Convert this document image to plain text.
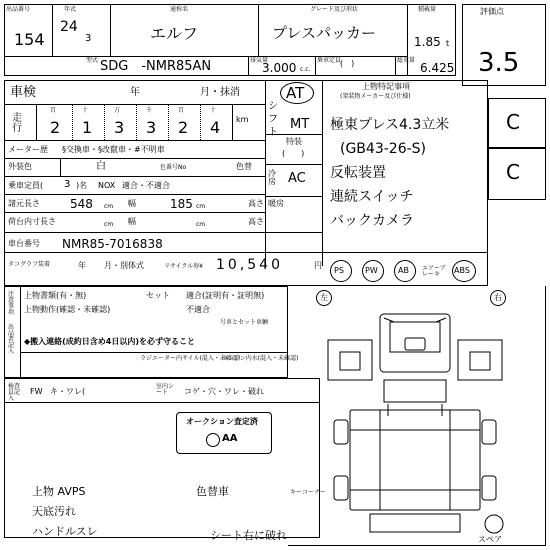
出品番号
154
年式
24
3
通称名
エルフ
グレード及び形状
プレスパッカー
積載量
1.85 t
型式 SDG　-NMR85AN	排気量
3.000 c.c.
乗車定員
(　)	総重量
6.425
評価点
3.5
車検	年	月・抹消
走行
km
百
2
十
1
万
3
千
3
百
2
十
4
メーター歴 §交換車・§改竄車・#不明車
外装色	白	色番号No	色替
乗車定員( 3 )名 NOX 適合・不適合
諸元長さ	548 cm 幅	185 cm	高さ
荷台内寸長さ	cm 幅	cm	高さ
車台番号 NMR85-7016838
タコグラフ装着	年 月・別体式	リサイクル券¥ 10,540	円
シフト
AT
MT
特装
(　　)
冷房 AC
暖房
上物特記事項
(架装物メーカー及び仕様)
極東プレス4.3立米
(GB43-26-S)
反転装置
連続スイッチ
バックカメラ
C
C
PS	PW	AB エアーブレーキ	ABS
注意事項
出品者記入
上物書類(有・無)	セット 適合(証明有・証明無)
上物動作(確認・未確認)	不適合
号車とセット車輌
◆搬入連絡(成約日含め4日以内)を必ず守ること
ラジエーター内サイル(混入・未確認)
エンジン内水(混入・未確認)
検査員記入
FW キ・ワレ(
室内シート	コゲ・穴・ワレ・破れ
オークション査定済
AA
上物 AVPS
天底汚れ
ハンドルスレ
色替車
シート右に破れ
キーコーナー
左	右
スペア
